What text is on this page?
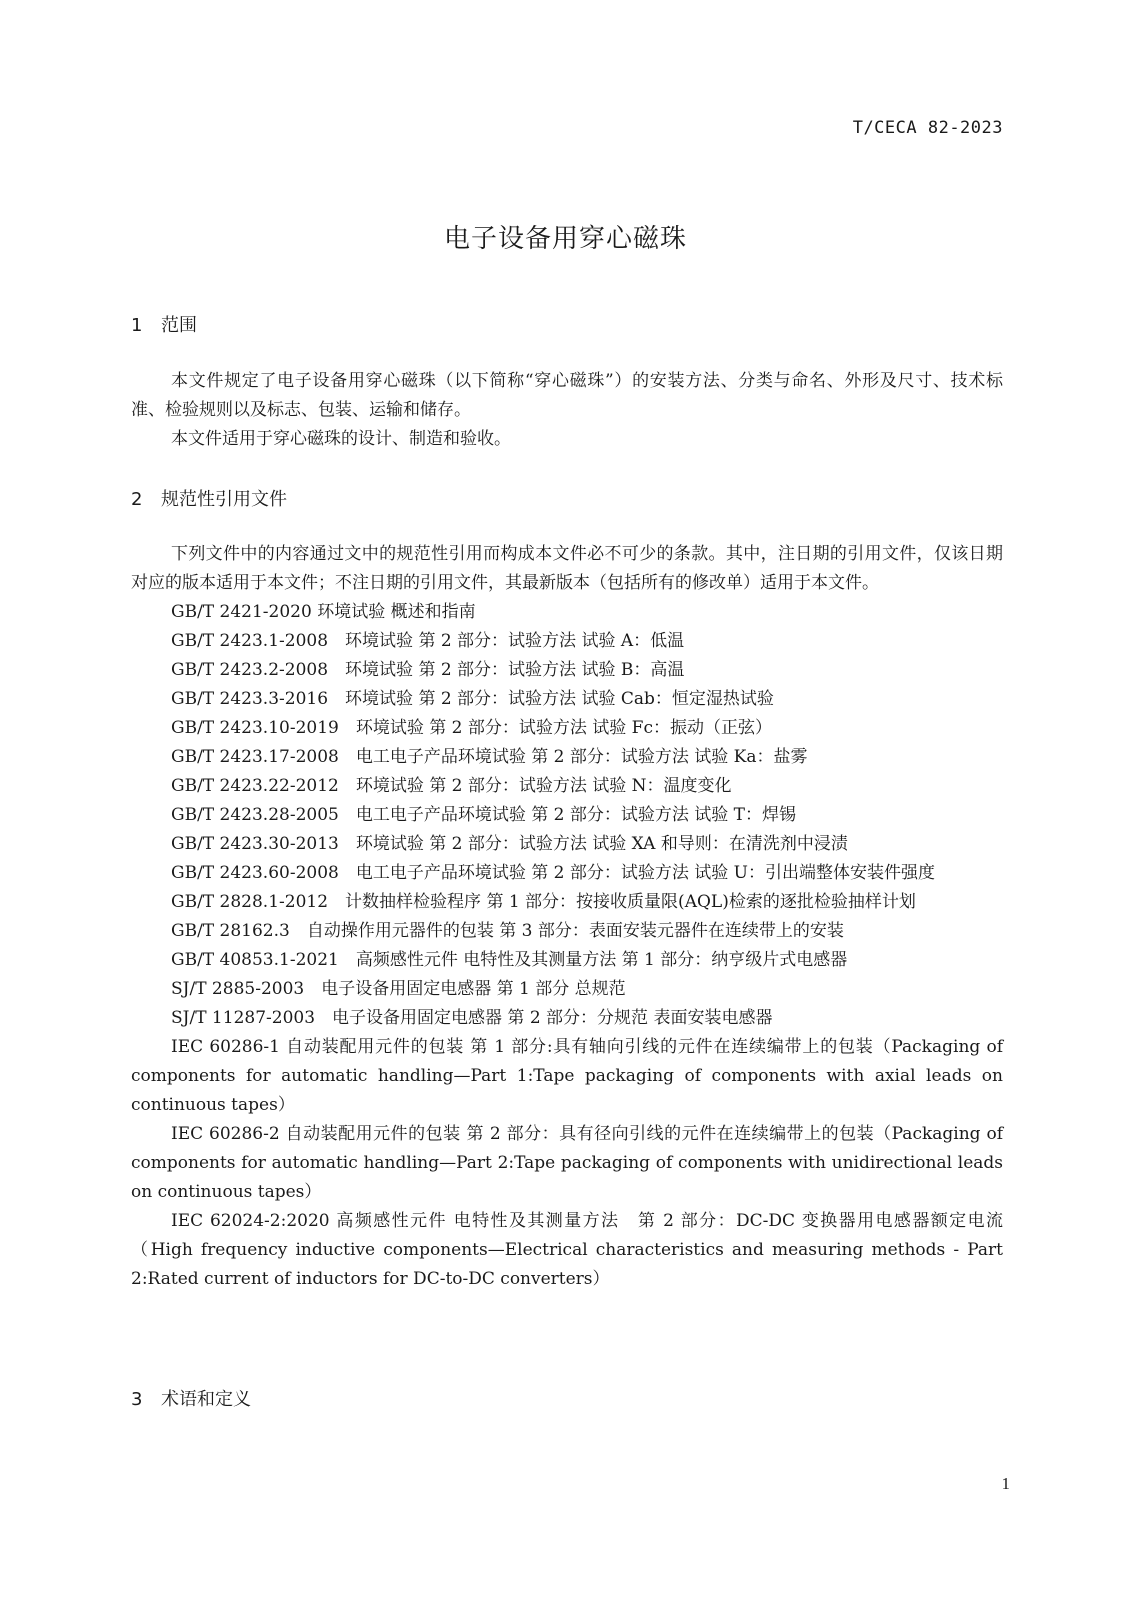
T/CECA 82-2023

电子设备用穿心磁珠
1 范围

本文件规定了电子设备用穿心磁珠（以下简称“穿心磁珠”）的安装方法、分类与命名、外形及尺寸、技术标准、检验规则以及标志、包装、运输和储存。

本文件适用于穿心磁珠的设计、制造和验收。

2 规范性引用文件

下列文件中的内容通过文中的规范性引用而构成本文件必不可少的条款。其中，注日期的引用文件，仅该日期对应的版本适用于本文件；不注日期的引用文件，其最新版本（包括所有的修改单）适用于本文件。

GB/T 2421-2020 环境试验 概述和指南

GB/T 2423.1-2008　环境试验 第 2 部分：试验方法 试验 A：低温

GB/T 2423.2-2008　环境试验 第 2 部分：试验方法 试验 B：高温

GB/T 2423.3-2016　环境试验 第 2 部分：试验方法 试验 Cab：恒定湿热试验

GB/T 2423.10-2019　环境试验 第 2 部分：试验方法 试验 Fc：振动（正弦）

GB/T 2423.17-2008　电工电子产品环境试验 第 2 部分：试验方法 试验 Ka：盐雾

GB/T 2423.22-2012　环境试验 第 2 部分：试验方法 试验 N：温度变化

GB/T 2423.28-2005　电工电子产品环境试验 第 2 部分：试验方法 试验 T：焊锡

GB/T 2423.30-2013　环境试验 第 2 部分：试验方法 试验 XA 和导则：在清洗剂中浸渍

GB/T 2423.60-2008　电工电子产品环境试验 第 2 部分：试验方法 试验 U：引出端整体安装件强度

GB/T 2828.1-2012　计数抽样检验程序 第 1 部分：按接收质量限(AQL)检索的逐批检验抽样计划

GB/T 28162.3　自动操作用元器件的包装 第 3 部分：表面安装元器件在连续带上的安装

GB/T 40853.1-2021　高频感性元件 电特性及其测量方法 第 1 部分：纳亨级片式电感器

SJ/T 2885-2003　电子设备用固定电感器 第 1 部分 总规范

SJ/T 11287-2003　电子设备用固定电感器 第 2 部分：分规范 表面安装电感器

IEC 60286-1 自动装配用元件的包装 第 1 部分:具有轴向引线的元件在连续编带上的包装（Packaging of components for automatic handling—Part 1:Tape packaging of components with axial leads on continuous tapes）

IEC 60286-2 自动装配用元件的包装 第 2 部分：具有径向引线的元件在连续编带上的包装（Packaging of components for automatic handling—Part 2:Tape packaging of components with unidirectional leads on continuous tapes）

IEC 62024-2:2020 高频感性元件 电特性及其测量方法　第 2 部分：DC-DC 变换器用电感器额定电流（High frequency inductive components—Electrical characteristics and measuring methods - Part 2:Rated current of inductors for DC-to-DC converters）

3 术语和定义

1
